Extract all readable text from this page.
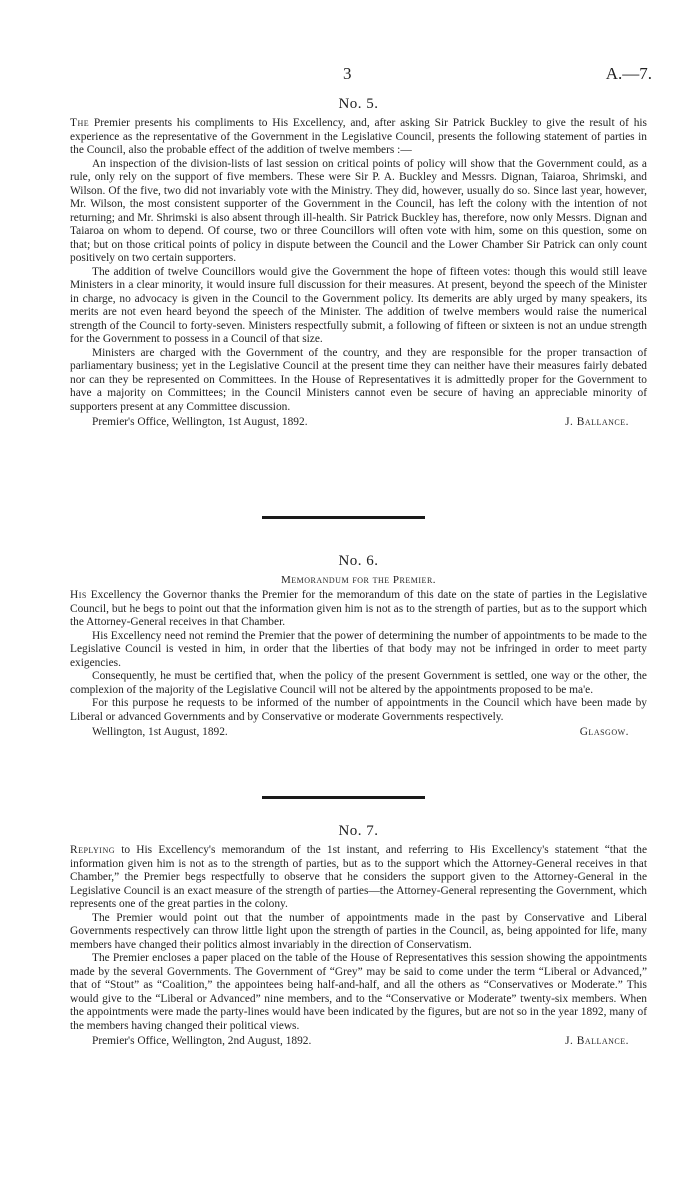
3	A.—7.
No. 5.

The Premier presents his compliments to His Excellency, and, after asking Sir Patrick Buckley to give the result of his experience as the representative of the Government in the Legislative Council, presents the following statement of parties in the Council, also the probable effect of the addition of twelve members :—

An inspection of the division-lists of last session on critical points of policy will show that the Government could, as a rule, only rely on the support of five members. These were Sir P. A. Buckley and Messrs. Dignan, Taiaroa, Shrimski, and Wilson. Of the five, two did not invariably vote with the Ministry. They did, however, usually do so. Since last year, however, Mr. Wilson, the most consistent supporter of the Government in the Council, has left the colony with the intention of not returning; and Mr. Shrimski is also absent through ill-health. Sir Patrick Buckley has, therefore, now only Messrs. Dignan and Taiaroa on whom to depend. Of course, two or three Councillors will often vote with him, some on this question, some on that; but on those critical points of policy in dispute between the Council and the Lower Chamber Sir Patrick can only count positively on two certain supporters.

The addition of twelve Councillors would give the Government the hope of fifteen votes: though this would still leave Ministers in a clear minority, it would insure full discussion for their measures. At present, beyond the speech of the Minister in charge, no advocacy is given in the Council to the Government policy. Its demerits are ably urged by many speakers, its merits are not even heard beyond the speech of the Minister. The addition of twelve members would raise the numerical strength of the Council to forty-seven. Ministers respectfully submit, a following of fifteen or sixteen is not an undue strength for the Government to possess in a Council of that size.

Ministers are charged with the Government of the country, and they are responsible for the proper transaction of parliamentary business; yet in the Legislative Council at the present time they can neither have their measures fairly debated nor can they be represented on Committees. In the House of Representatives it is admittedly proper for the Government to have a majority on Committees; in the Council Ministers cannot even be secure of having an appreciable minority of supporters present at any Committee discussion.

Premier's Office, Wellington, 1st August, 1892.	J. Ballance.
No. 6.
Memorandum for the Premier.

His Excellency the Governor thanks the Premier for the memorandum of this date on the state of parties in the Legislative Council, but he begs to point out that the information given him is not as to the strength of parties, but as to the support which the Attorney-General receives in that Chamber.

His Excellency need not remind the Premier that the power of determining the number of appointments to be made to the Legislative Council is vested in him, in order that the liberties of that body may not be infringed in order to meet party exigencies.

Consequently, he must be certified that, when the policy of the present Government is settled, one way or the other, the complexion of the majority of the Legislative Council will not be altered by the appointments proposed to be ma'e.

For this purpose he requests to be informed of the number of appointments in the Council which have been made by Liberal or advanced Governments and by Conservative or moderate Governments respectively.

Wellington, 1st August, 1892.	Glasgow.
No. 7.

Replying to His Excellency's memorandum of the 1st instant, and referring to His Excellency's statement “that the information given him is not as to the strength of parties, but as to the support which the Attorney-General receives in that Chamber,” the Premier begs respectfully to observe that he considers the support given to the Attorney-General in the Legislative Council is an exact measure of the strength of parties—the Attorney-General representing the Government, which represents one of the great parties in the colony.

The Premier would point out that the number of appointments made in the past by Conservative and Liberal Governments respectively can throw little light upon the strength of parties in the Council, as, being appointed for life, many members have changed their politics almost invariably in the direction of Conservatism.

The Premier encloses a paper placed on the table of the House of Representatives this session showing the appointments made by the several Governments. The Government of “Grey” may be said to come under the term “Liberal or Advanced,” that of “Stout” as “Coalition,” the appointees being half-and-half, and all the others as “Conservatives or Moderate.” This would give to the “Liberal or Advanced” nine members, and to the “Conservative or Moderate” twenty-six members. When the appointments were made the party-lines would have been indicated by the figures, but are not so in the year 1892, many of the members having changed their political views.

Premier's Office, Wellington, 2nd August, 1892.	J. Ballance.
